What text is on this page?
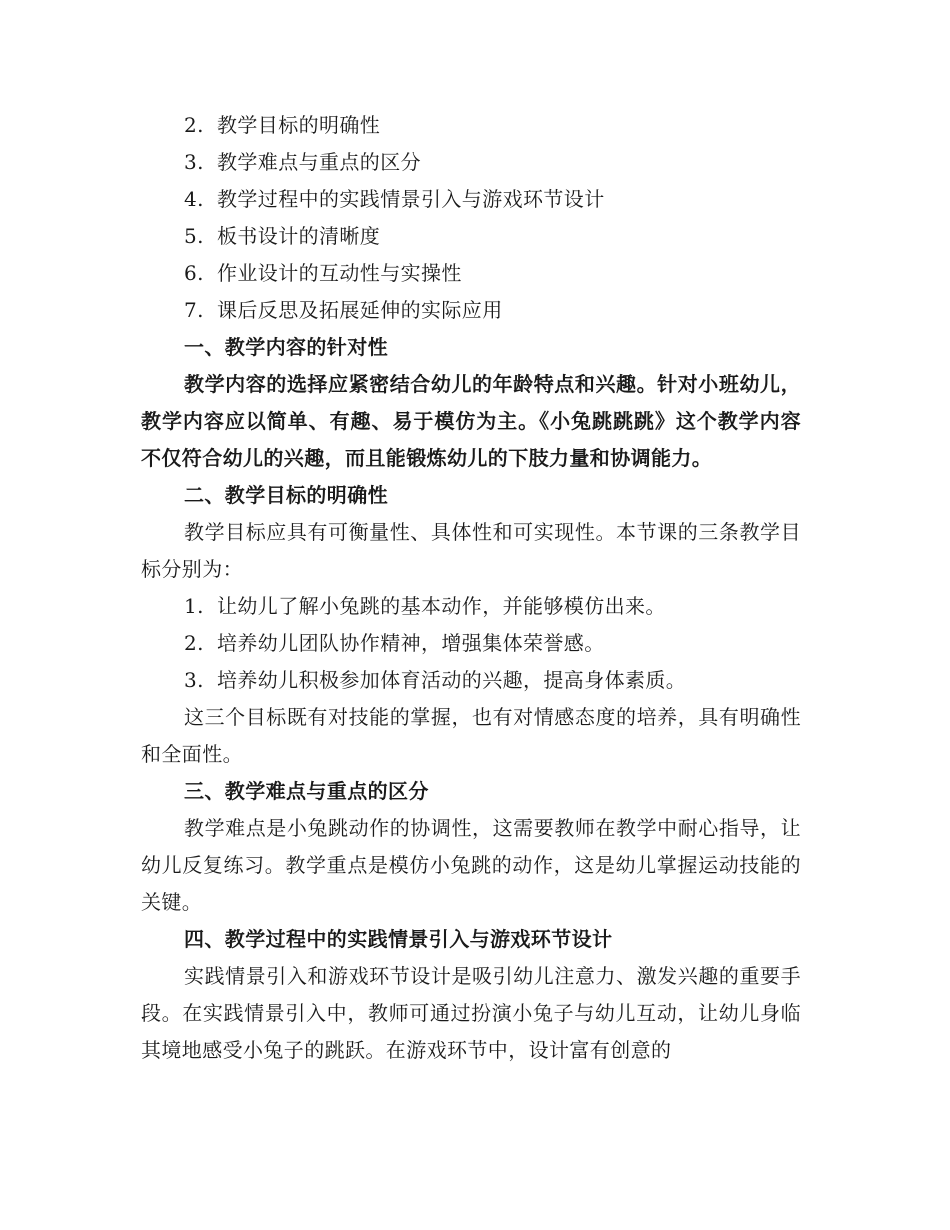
2. 教学目标的明确性
3. 教学难点与重点的区分
4. 教学过程中的实践情景引入与游戏环节设计
5. 板书设计的清晰度
6. 作业设计的互动性与实操性
7. 课后反思及拓展延伸的实际应用
一、教学内容的针对性
教学内容的选择应紧密结合幼儿的年龄特点和兴趣。针对小班幼儿，教学内容应以简单、有趣、易于模仿为主。《小兔跳跳跳》这个教学内容不仅符合幼儿的兴趣，而且能锻炼幼儿的下肢力量和协调能力。
二、教学目标的明确性
教学目标应具有可衡量性、具体性和可实现性。本节课的三条教学目标分别为：
1. 让幼儿了解小兔跳的基本动作，并能够模仿出来。
2. 培养幼儿团队协作精神，增强集体荣誉感。
3. 培养幼儿积极参加体育活动的兴趣，提高身体素质。
这三个目标既有对技能的掌握，也有对情感态度的培养，具有明确性和全面性。
三、教学难点与重点的区分
教学难点是小兔跳动作的协调性，这需要教师在教学中耐心指导，让幼儿反复练习。教学重点是模仿小兔跳的动作，这是幼儿掌握运动技能的关键。
四、教学过程中的实践情景引入与游戏环节设计
实践情景引入和游戏环节设计是吸引幼儿注意力、激发兴趣的重要手段。在实践情景引入中，教师可通过扮演小兔子与幼儿互动，让幼儿身临其境地感受小兔子的跳跃。在游戏环节中，设计富有创意的
